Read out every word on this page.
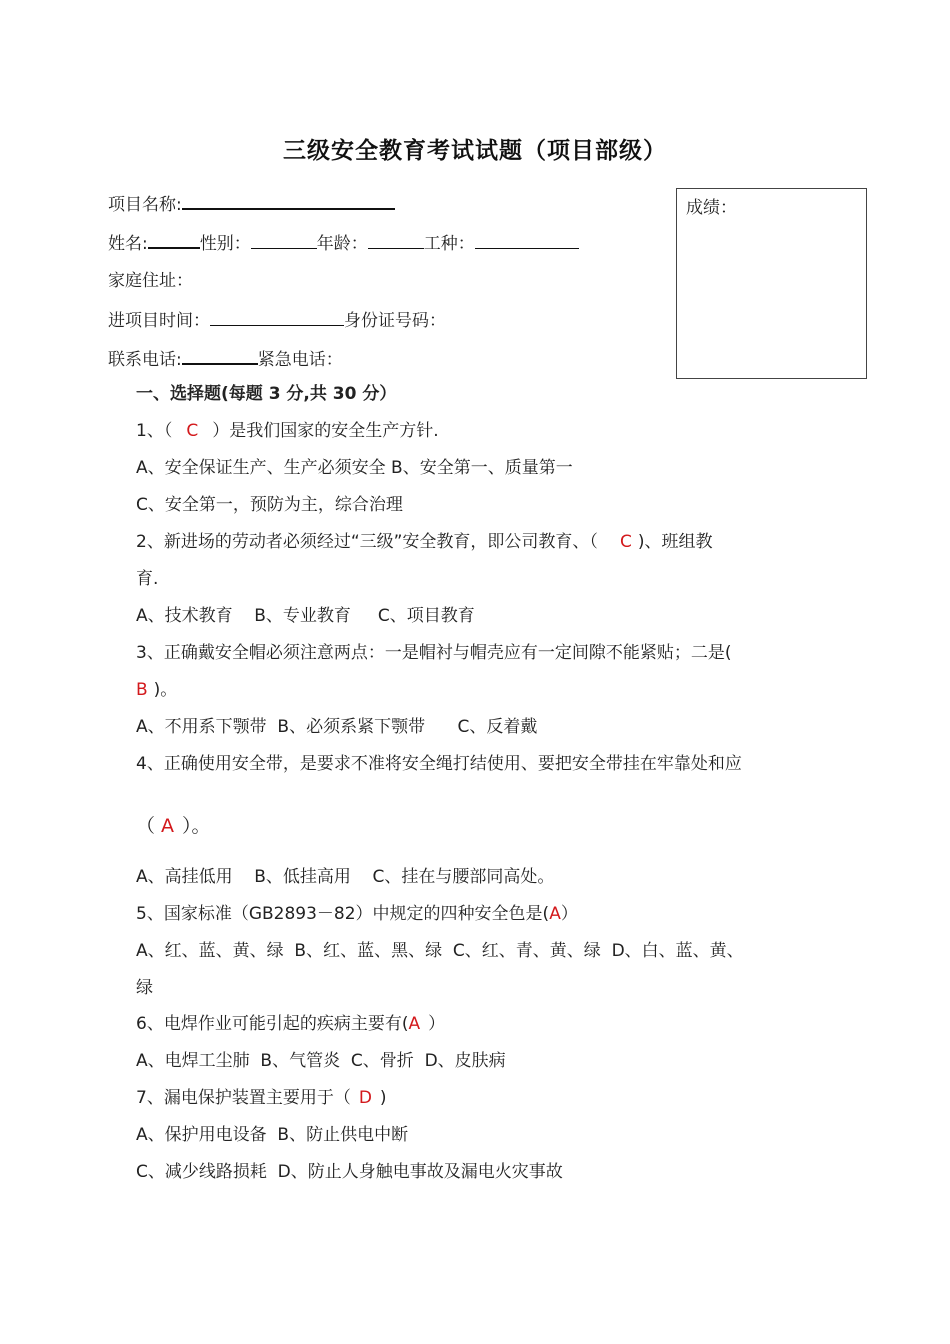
三级安全教育考试试题（项目部级）
成绩：
项目名称:
姓名:	性别：	年龄：	工种：
家庭住址：
进项目时间：	身份证号码：
联系电话:	紧急电话：
一、选择题(每题 3 分,共 30 分）
1、（ C ）是我们国家的安全生产方针.
A、安全保证生产、生产必须安全 B、安全第一、质量第一
C、安全第一，预防为主，综合治理
2、新进场的劳动者必须经过“三级”安全教育，即公司教育、（ C )、班组教
育.
A、技术教育    B、专业教育     C、项目教育
3、正确戴安全帽必须注意两点：一是帽衬与帽壳应有一定间隙不能紧贴；二是(
B )。
A、不用系下颚带  B、必须系紧下颚带      C、反着戴
4、正确使用安全带，是要求不准将安全绳打结使用、要把安全带挂在牢靠处和应
（ A ）。
A、高挂低用    B、低挂高用    C、挂在与腰部同高处。
5、国家标准（GB2893－82）中规定的四种安全色是(A）
A、红、蓝、黄、绿  B、红、蓝、黑、绿  C、红、青、黄、绿  D、白、蓝、黄、
绿
6、电焊作业可能引起的疾病主要有(A ）
A、电焊工尘肺  B、气管炎  C、骨折  D、皮肤病
7、漏电保护装置主要用于（ D )
A、保护用电设备  B、防止供电中断
C、减少线路损耗  D、防止人身触电事故及漏电火灾事故
